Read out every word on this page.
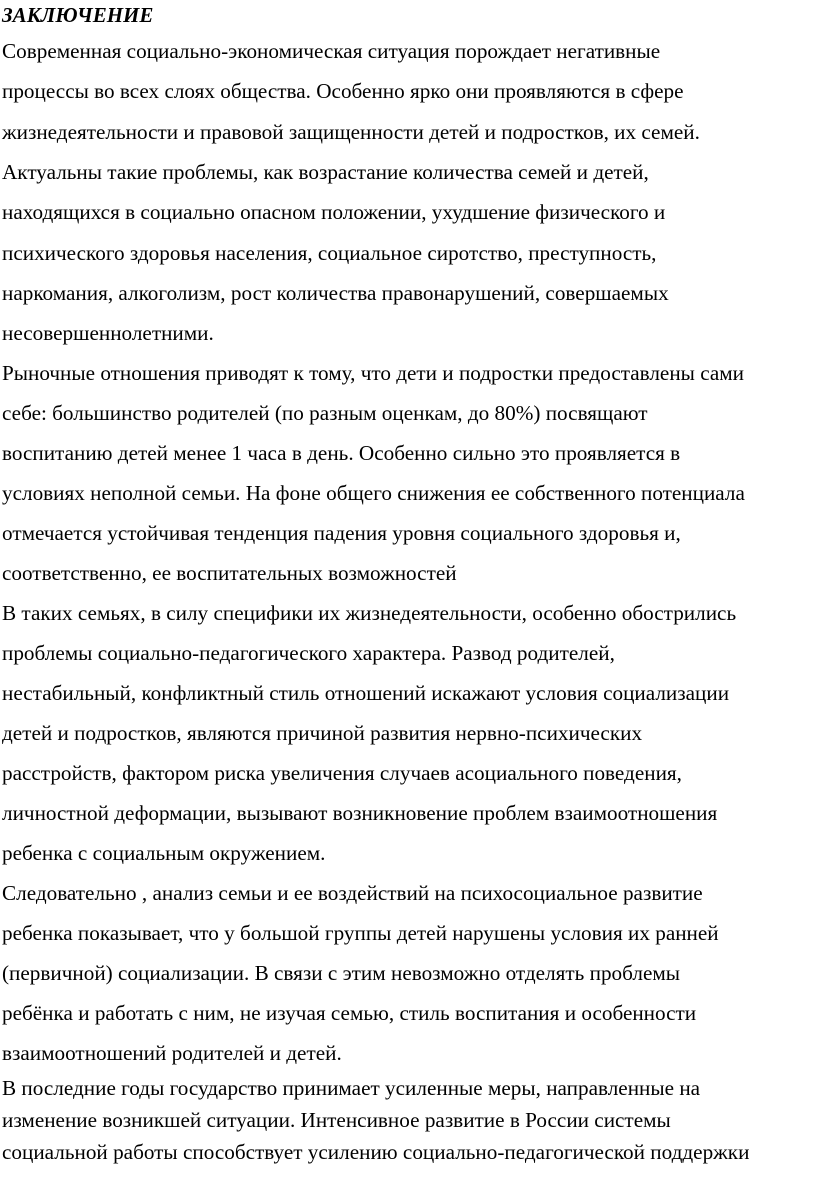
ЗАКЛЮЧЕНИЕ
Современная социально-экономическая ситуация порождает негативные
процессы во всех слоях общества. Особенно ярко они проявляются в сфере
жизнедеятельности и правовой защищенности детей и подростков, их семей.
Актуальны такие проблемы, как возрастание количества семей и детей,
находящихся в социально опасном положении, ухудшение физического и
психического здоровья населения, социальное сиротство, преступность,
наркомания, алкоголизм, рост количества правонарушений, совершаемых
несовершеннолетними.
Рыночные отношения приводят к тому, что дети и подростки предоставлены сами
себе: большинство родителей (по разным оценкам, до 80%) посвящают
воспитанию детей менее 1 часа в день. Особенно сильно это проявляется в
условиях неполной семьи. На фоне общего снижения ее собственного потенциала
отмечается устойчивая тенденция падения уровня социального здоровья и,
соответственно, ее воспитательных возможностей
В таких семьях, в силу специфики их жизнедеятельности, особенно обострились
проблемы социально-педагогического характера. Развод родителей,
нестабильный, конфликтный стиль отношений искажают условия социализации
детей и подростков, являются причиной развития нервно-психических
расстройств, фактором риска увеличения случаев асоциального поведения,
личностной деформации, вызывают возникновение проблем взаимоотношения
ребенка с социальным окружением.
Следовательно , анализ семьи и ее воздействий на психосоциальное развитие
ребенка показывает, что у большой группы детей нарушены условия их ранней
(первичной) социализации. В связи с этим невозможно отделять проблемы
ребёнка и работать с ним, не изучая семью, стиль воспитания и особенности
взаимоотношений родителей и детей.
В последние годы государство принимает усиленные меры, направленные на
изменение возникшей ситуации. Интенсивное развитие в России системы
социальной работы способствует усилению социально-педагогической поддержки
